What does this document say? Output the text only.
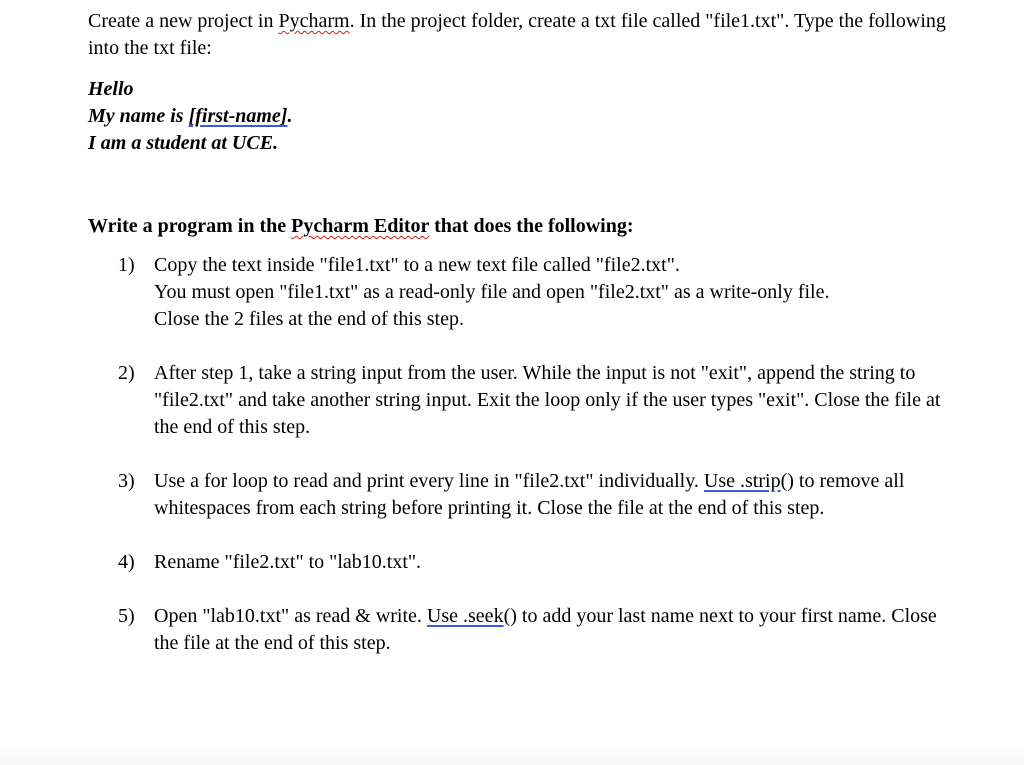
Create a new project in Pycharm. In the project folder, create a txt file called "file1.txt". Type the following into the txt file:

Hello
My name is [first-name].
I am a student at UCE.

Write a program in the Pycharm Editor that does the following:

1) Copy the text inside "file1.txt" to a new text file called "file2.txt".
You must open "file1.txt" as a read-only file and open "file2.txt" as a write-only file.
Close the 2 files at the end of this step.
2) After step 1, take a string input from the user. While the input is not "exit", append the string to "file2.txt" and take another string input. Exit the loop only if the user types "exit". Close the file at the end of this step.
3) Use a for loop to read and print every line in "file2.txt" individually. Use .strip() to remove all whitespaces from each string before printing it. Close the file at the end of this step.
4) Rename "file2.txt" to "lab10.txt".
5) Open "lab10.txt" as read & write. Use .seek() to add your last name next to your first name. Close the file at the end of this step.
